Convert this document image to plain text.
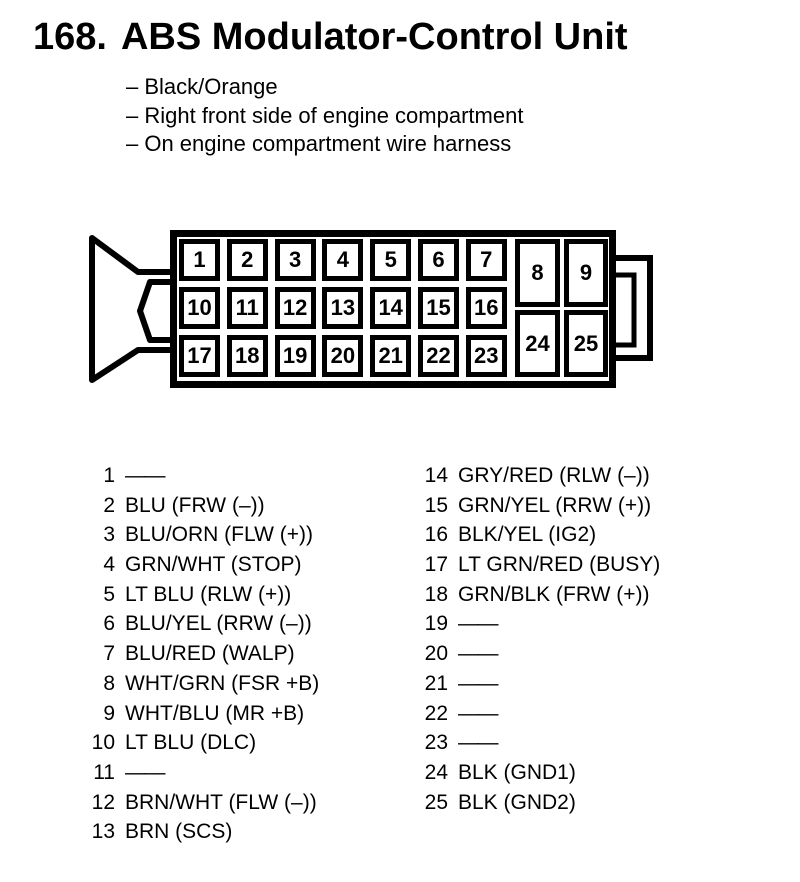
168. ABS Modulator-Control Unit
– Black/Orange
– Right front side of engine compartment
– On engine compartment wire harness
1	2	3	4	5	6	7
10	11	12	13	14	15	16
17	18	19	20	21	22	23
8	9
24	25
1 ——
2 BLU (FRW (–))
3 BLU/ORN (FLW (+))
4 GRN/WHT (STOP)
5 LT BLU (RLW (+))
6 BLU/YEL (RRW (–))
7 BLU/RED (WALP)
8 WHT/GRN (FSR +B)
9 WHT/BLU (MR +B)
10 LT BLU (DLC)
11 ——
12 BRN/WHT (FLW (–))
13 BRN (SCS)
14 GRY/RED (RLW (–))
15 GRN/YEL (RRW (+))
16 BLK/YEL (IG2)
17 LT GRN/RED (BUSY)
18 GRN/BLK (FRW (+))
19 ——
20 ——
21 ——
22 ——
23 ——
24 BLK (GND1)
25 BLK (GND2)
